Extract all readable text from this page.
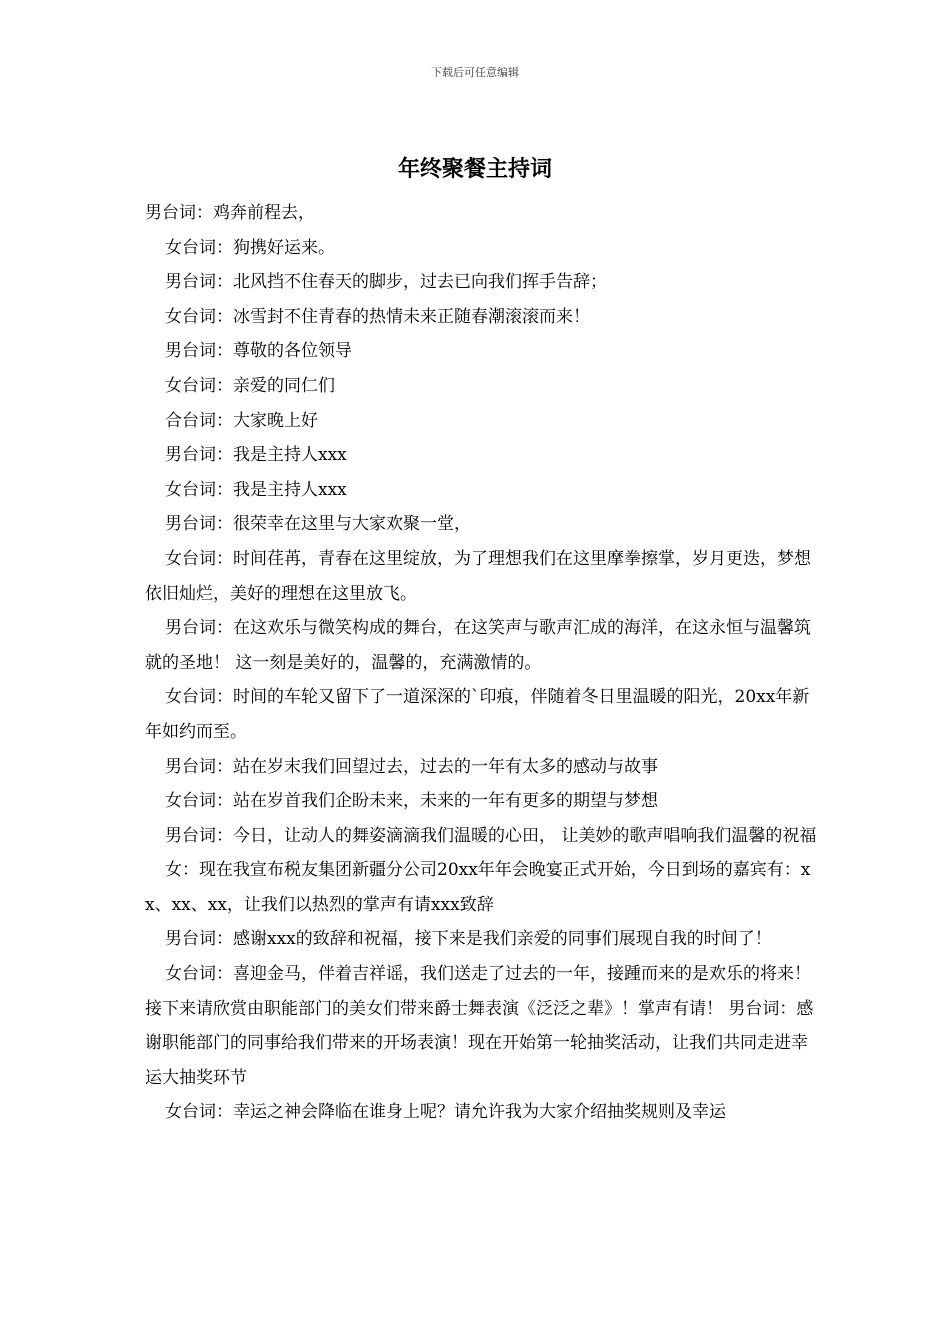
下载后可任意编辑
年终聚餐主持词

男台词：鸡奔前程去，

女台词：狗携好运来。

男台词：北风挡不住春天的脚步，过去已向我们挥手告辞；

女台词：冰雪封不住青春的热情未来正随春潮滚滚而来！

男台词：尊敬的各位领导

女台词：亲爱的同仁们

合台词：大家晚上好

男台词：我是主持人xxx

女台词：我是主持人xxx

男台词：很荣幸在这里与大家欢聚一堂，

女台词：时间荏苒，青春在这里绽放，为了理想我们在这里摩拳擦掌，岁月更迭，梦想依旧灿烂，美好的理想在这里放飞。

男台词：在这欢乐与微笑构成的舞台，在这笑声与歌声汇成的海洋，在这永恒与温馨筑就的圣地！ 这一刻是美好的，温馨的，充满激情的。

女台词：时间的车轮又留下了一道深深的`印痕，伴随着冬日里温暖的阳光，20xx年新年如约而至。

男台词：站在岁末我们回望过去，过去的一年有太多的感动与故事

女台词：站在岁首我们企盼未来，未来的一年有更多的期望与梦想

男台词：今日，让动人的舞姿滴滴我们温暖的心田， 让美妙的歌声唱响我们温馨的祝福

女：现在我宣布税友集团新疆分公司20xx年年会晚宴正式开始，今日到场的嘉宾有：xx、xx、xx，让我们以热烈的掌声有请xxx致辞

男台词：感谢xxx的致辞和祝福，接下来是我们亲爱的同事们展现自我的时间了！

女台词：喜迎金马，伴着吉祥谣，我们送走了过去的一年，接踵而来的是欢乐的将来！接下来请欣赏由职能部门的美女们带来爵士舞表演《泛泛之辈》！掌声有请！ 男台词：感谢职能部门的同事给我们带来的开场表演！现在开始第一轮抽奖活动，让我们共同走进幸运大抽奖环节

女台词：幸运之神会降临在谁身上呢？请允许我为大家介绍抽奖规则及幸运
